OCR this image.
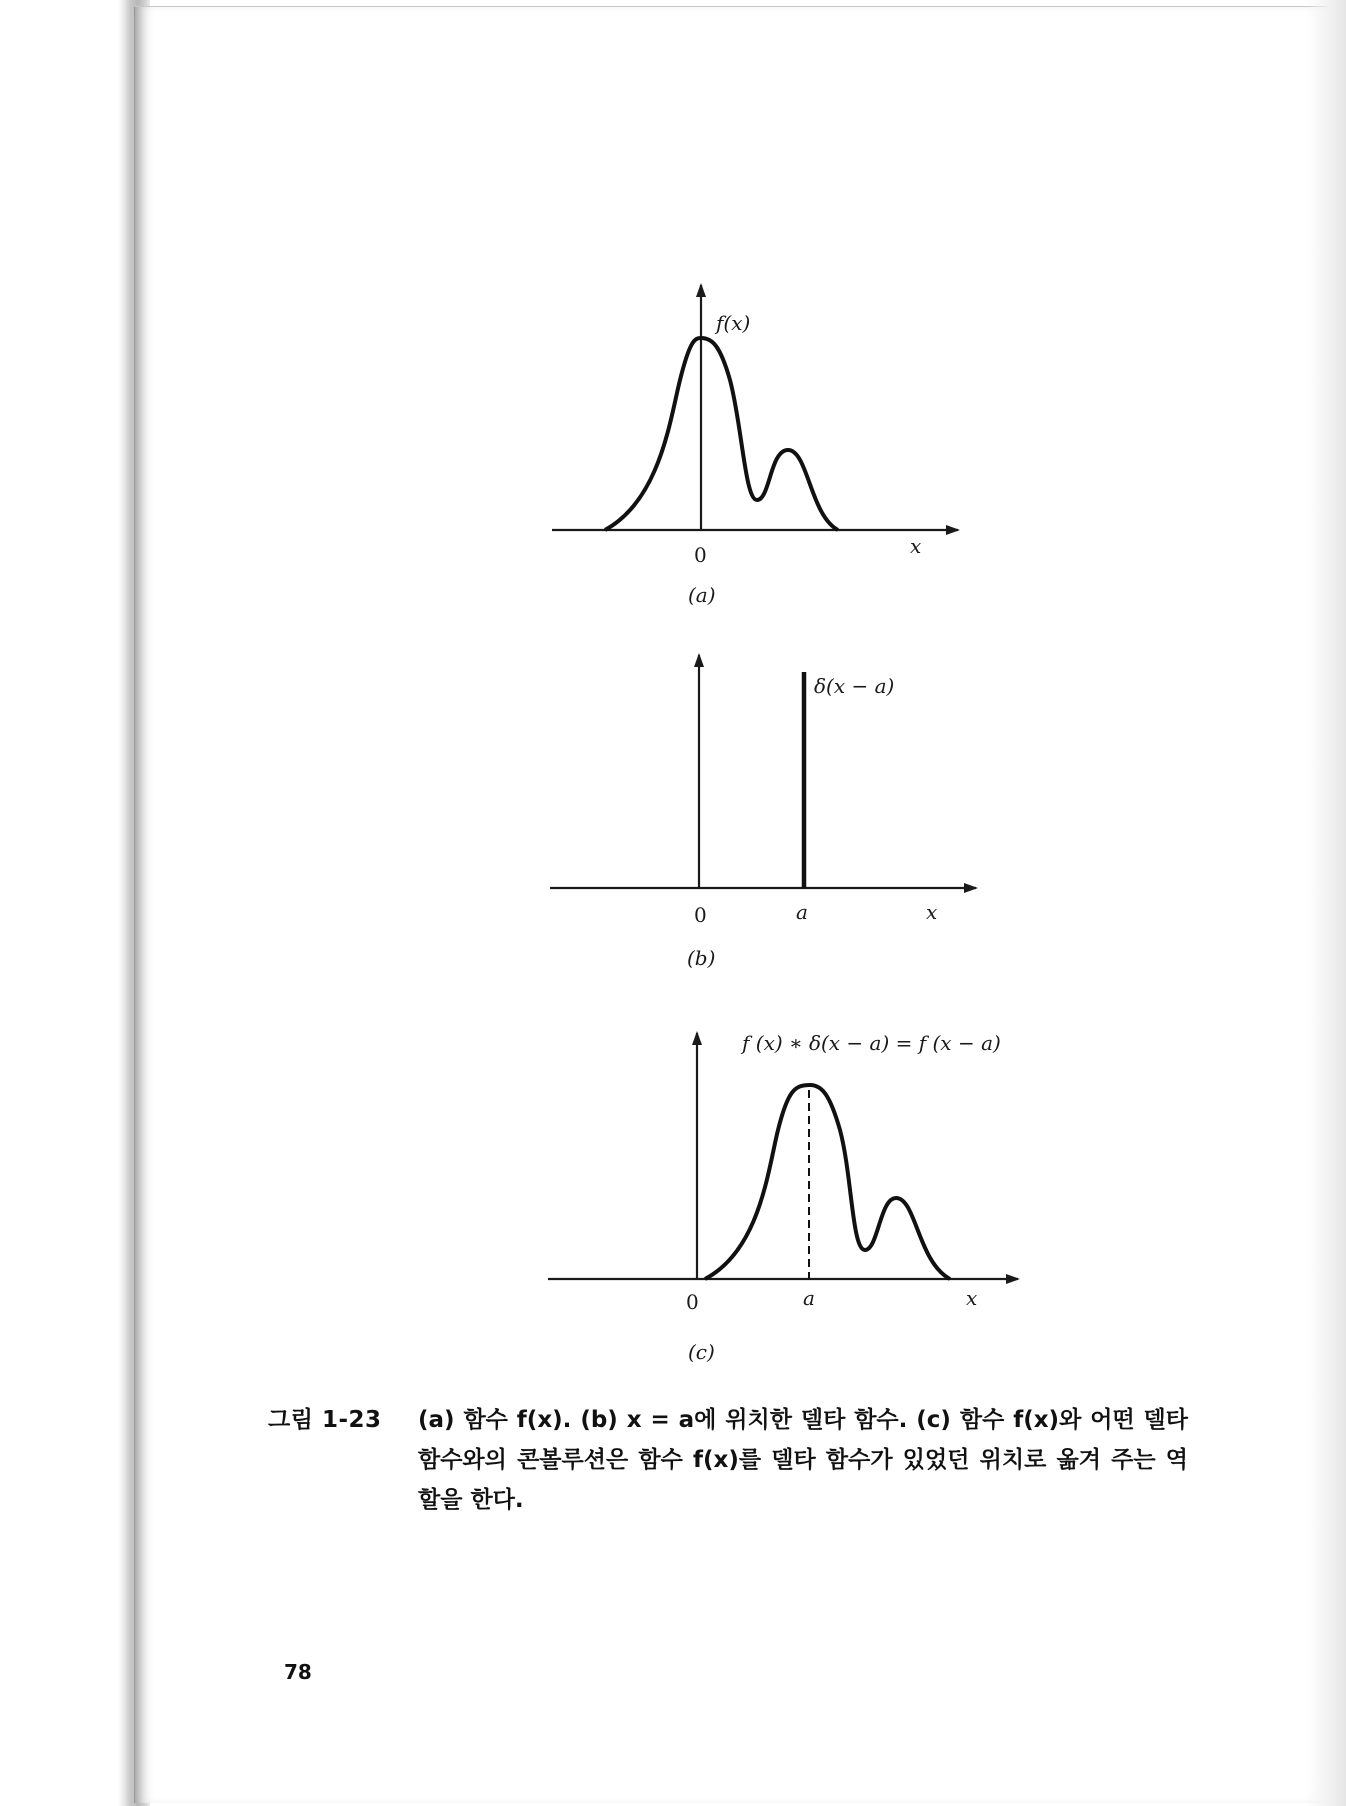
f(x)
0	x
(a)
δ(x − a)
0	a	x
(b)
f (x) ∗ δ(x − a) = f (x − a)
0	a	x
(c)
그림 1-23	(a) 함수 f(x). (b) x = a에 위치한 델타 함수. (c) 함수 f(x)와 어떤 델타 함수와의 콘볼루션은 함수 f(x)를 델타 함수가 있었던 위치로 옮겨 주는 역할을 한다.
78
